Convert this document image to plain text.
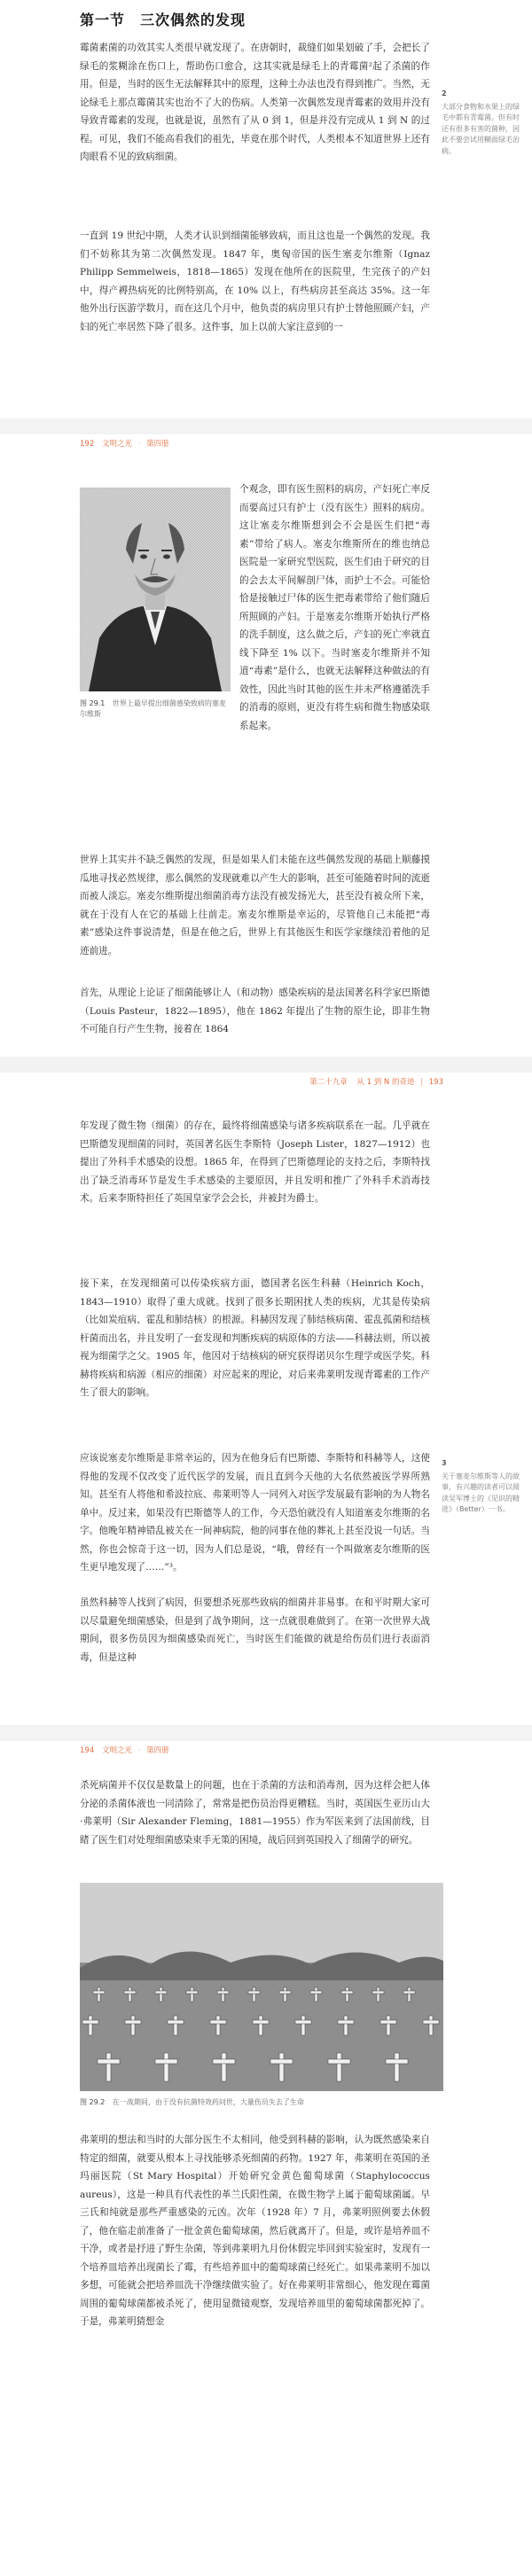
第一节　三次偶然的发现

霉菌素菌的功效其实人类很早就发现了。在唐朝时，裁缝们如果划破了手，会把长了绿毛的浆糊涂在伤口上，帮助伤口愈合，这其实就是绿毛上的青霉菌²起了杀菌的作用。但是，当时的医生无法解释其中的原理，这种土办法也没有得到推广。当然，无论绿毛上那点霉菌其实也治不了大的伤病。人类第一次偶然发现青霉素的效用并没有导致青霉素的发现，也就是说，虽然有了从 0 到 1，但是并没有完成从 1 到 N 的过程。可见，我们不能高看我们的祖先，毕竟在那个时代，人类根本不知道世界上还有肉眼看不见的致病细菌。

一直到 19 世纪中期，人类才认识到细菌能够致病，而且这也是一个偶然的发现。我们不妨称其为第二次偶然发现。1847 年，奥匈帝国的医生塞麦尔维斯（Ignaz Philipp Semmelweis，1818—1865）发现在他所在的医院里，生完孩子的产妇中，得产褥热病死的比例特别高，在 10% 以上，有些病房甚至高达 35%。这一年他外出行医游学数月，而在这几个月中，他负责的病房里只有护士替他照顾产妇，产妇的死亡率居然下降了很多。这件事，加上以前大家注意到的一

2
大部分食物和水果上的绿毛中都有青霉菌。但有时还有很多有害的菌种，因此不要尝试用糊面绿毛治病。
192 文明之光 · 第四册
图 29.1 世界上最早提出细菌感染致病的塞麦尔维斯

个观念，即有医生照料的病房，产妇死亡率反而要高过只有护士（没有医生）照料的病房。这让塞麦尔维斯想到会不会是医生们把“毒素”带给了病人。塞麦尔维斯所在的维也纳总医院是一家研究型医院，医生们由于研究的目的会去太平间解剖尸体，而护士不会。可能恰恰是接触过尸体的医生把毒素带给了他们随后所照顾的产妇。于是塞麦尔维斯开始执行严格的洗手制度，这么做之后，产妇的死亡率就直线下降至 1% 以下。当时塞麦尔维斯并不知道“毒素”是什么，也就无法解释这种做法的有效性，因此当时其他的医生并未严格遵循洗手的消毒的原则，更没有将生病和微生物感染联系起来。

世界上其实并不缺乏偶然的发现，但是如果人们未能在这些偶然发现的基础上顺藤摸瓜地寻找必然规律，那么偶然的发现就难以产生大的影响，甚至可能随着时间的流逝而被人淡忘。塞麦尔维斯提出细菌消毒方法没有被发扬光大，甚至没有被众所下来，就在于没有人在它的基础上往前走。塞麦尔维斯是幸运的，尽管他自己未能把“毒素”感染这件事说清楚，但是在他之后，世界上有其他医生和医学家继续沿着他的足迹前进。

首先，从理论上论证了细菌能够让人（和动物）感染疾病的是法国著名科学家巴斯德（Louis Pasteur，1822—1895），他在 1862 年提出了生物的原生论，即非生物不可能自行产生生物，接着在 1864

第二十九章 从 1 到 N 的奇迹 | 193

年发现了微生物（细菌）的存在，最终将细菌感染与诸多疾病联系在一起。几乎就在巴斯德发现细菌的同时，英国著名医生李斯特（Joseph Lister，1827—1912）也提出了外科手术感染的设想。1865 年，在得到了巴斯德理论的支持之后，李斯特找出了缺乏消毒环节是发生手术感染的主要原因，并且发明和推广了外科手术消毒技术。后来李斯特担任了英国皇家学会会长，并被封为爵士。

接下来，在发现细菌可以传染疾病方面，德国著名医生科赫（Heinrich Koch，1843—1910）取得了重大成就。找到了很多长期困扰人类的疾病，尤其是传染病（比如炭疽病、霍乱和肺结核）的根源。科赫因发现了肺结核病菌、霍乱孤菌和结核杆菌而出名，并且发明了一套发现和判断疾病的病原体的方法——科赫法则，所以被视为细菌学之父。1905 年，他因对于结核病的研究获得诺贝尔生理学或医学奖。科赫将疾病和病源（相应的细菌）对应起来的理论，对后来弗莱明发现青霉素的工作产生了很大的影响。

应该说塞麦尔维斯是非常幸运的，因为在他身后有巴斯德、李斯特和科赫等人，这使得他的发现不仅改变了近代医学的发展，而且直到今天他的大名依然被医学界所熟知。甚至有人将他和希波拉底、弗莱明等人一同列入对医学发展最有影响的为人物名单中。反过来，如果没有巴斯德等人的工作，今天恐怕就没有人知道塞麦尔维斯的名字。他晚年精神错乱被关在一间神病院，他的同事在他的葬礼上甚至没说一句话。当然，你也会惊奇于这一切，因为人们总是说，“哦，曾经有一个叫做塞麦尔维斯的医生更早地发现了……”³。

虽然科赫等人找到了病因，但要想杀死那些致病的细菌并非易事。在和平时期大家可以尽量避免细菌感染，但是到了战争期间，这一点就很难做到了。在第一次世界大战期间，很多伤员因为细菌感染而死亡，当时医生们能做的就是给伤员们进行表面消毒，但是这种

3
关于塞麦尔维斯等人的故事，有兴趣的读者可以阅读吴军博士的《见识的精进》（Better）一书。
194 文明之光 · 第四册

杀死病菌并不仅仅是数量上的问题，也在于杀菌的方法和消毒剂，因为这样会把人体分泌的杀菌体液也一同清除了，常常是把伤员治得更糟糕。当时，英国医生亚历山大·弗莱明（Sir Alexander Fleming，1881—1955）作为军医来到了法国前线，目睹了医生们对处理细菌感染束手无策的困境，战后回到英国投入了细菌学的研究。

图 29.2 在一战期间，由于没有抗菌特效药问世，大量伤员失去了生命

弗莱明的想法和当时的大部分医生不太相同，他受到科赫的影响，认为既然感染来自特定的细菌，就要从根本上寻找能够杀死细菌的药物。1927 年，弗莱明在英国的圣玛丽医院（St Mary Hospital）开始研究金黄色葡萄球菌（Staphylococcus aureus），这是一种具有代表性的革兰氏阳性菌，在微生物学上属于葡萄球菌属。早三氏和纯就是那些严重感染的元凶。次年（1928 年）7 月，弗莱明照例要去休假了，他在临走前准备了一批金黄色葡萄球菌，然后就离开了。但是，或许是培养皿不干净，或者是抒进了野生杂菌，等到弗莱明九月份休假完毕回到实验室时，发现有一个培养皿培养出现菌长了霉，有些培养皿中的葡萄球菌已经死亡。如果弗莱明不加以多想，可能就会把培养皿洗干净继续做实验了。好在弗莱明非常细心，他发现在霉菌周围的葡萄球菌都被杀死了，使用显微镜观察，发现培养皿里的葡萄球菌都死掉了。于是，弗莱明猜想金
